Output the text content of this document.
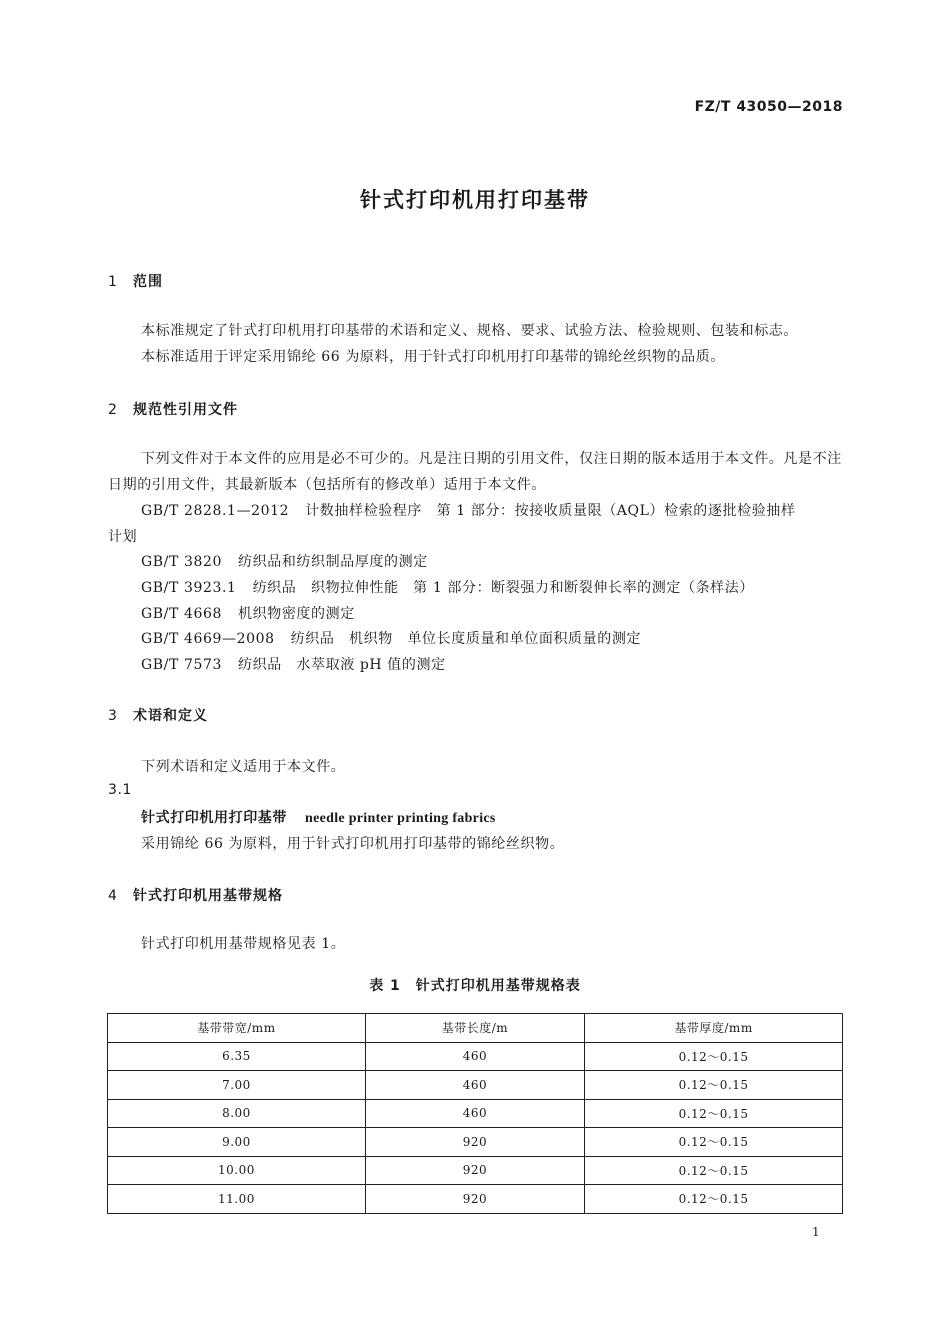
FZ/T 43050—2018
针式打印机用打印基带
1 范围
本标准规定了针式打印机用打印基带的术语和定义、规格、要求、试验方法、检验规则、包装和标志。
本标准适用于评定采用锦纶 66 为原料，用于针式打印机用打印基带的锦纶丝织物的品质。
2 规范性引用文件
下列文件对于本文件的应用是必不可少的。凡是注日期的引用文件，仅注日期的版本适用于本文件。凡是不注日期的引用文件，其最新版本（包括所有的修改单）适用于本文件。
GB/T 2828.1—2012 计数抽样检验程序　第 1 部分：按接收质量限（AQL）检索的逐批检验抽样
计划
GB/T 3820 纺织品和纺织制品厚度的测定
GB/T 3923.1 纺织品　织物拉伸性能　第 1 部分：断裂强力和断裂伸长率的测定（条样法）
GB/T 4668 机织物密度的测定
GB/T 4669—2008 纺织品　机织物　单位长度质量和单位面积质量的测定
GB/T 7573 纺织品　水萃取液 pH 值的测定
3 术语和定义
下列术语和定义适用于本文件。
3.1
针式打印机用打印基带 needle printer printing fabrics
采用锦纶 66 为原料，用于针式打印机用打印基带的锦纶丝织物。
4 针式打印机用基带规格
针式打印机用基带规格见表 1。
表 1　针式打印机用基带规格表
基带带宽/mm	基带长度/m	基带厚度/mm
6.35	460	0.12～0.15
7.00	460	0.12～0.15
8.00	460	0.12～0.15
9.00	920	0.12～0.15
10.00	920	0.12～0.15
11.00	920	0.12～0.15
1
